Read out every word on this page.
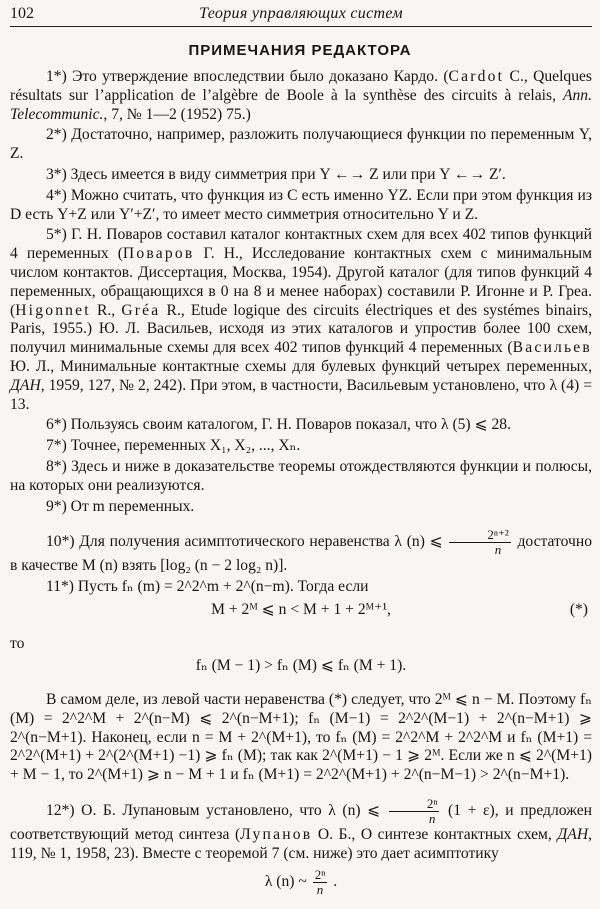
102	Теория управляющих систем
ПРИМЕЧАНИЯ РЕДАКТОРА

1*) Это утверждение впоследствии было доказано Кардо. (Cardot C., Quelques résultats sur l’application de l’algèbre de Boole à la synthèse des circuits à relais, Ann. Telecommunic., 7, № 1—2 (1952) 75.)

2*) Достаточно, например, разложить получающиеся функции по переменным Y, Z.

3*) Здесь имеется в виду симметрия при Y ←→ Z или при Y ←→ Z′.

4*) Можно считать, что функция из C есть именно YZ. Если при этом функция из D есть Y+Z или Y′+Z′, то имеет место симметрия относительно Y и Z.

5*) Г. Н. Поваров составил каталог контактных схем для всех 402 типов функций 4 переменных (Поваров Г. Н., Исследование контактных схем с минимальным числом контактов. Диссертация, Москва, 1954). Другой каталог (для типов функций 4 переменных, обращающихся в 0 на 8 и менее наборах) составили Р. Игонне и Р. Греа. (Higonnet R., Gréa R., Etude logique des circuits électriques et des systémes binairs, Paris, 1955.) Ю. Л. Васильев, исходя из этих каталогов и упростив более 100 схем, получил минимальные схемы для всех 402 типов функций 4 переменных (Васильев Ю. Л., Минимальные контактные схемы для булевых функций четырех переменных, ДАН, 1959, 127, № 2, 242). При этом, в частности, Васильевым установлено, что λ (4) = 13.

6*) Пользуясь своим каталогом, Г. Н. Поваров показал, что λ (5) ⩽ 28.

7*) Точнее, переменных X₁, X₂, ..., Xₙ.

8*) Здесь и ниже в доказательстве теоремы отождествляются функции и полюсы, на которых они реализуются.

9*) От m переменных.

10*) Для получения асимптотического неравенства λ (n) ⩽ $\frac{\text{2ⁿ⁺²}}{n}$ достаточно в качестве M (n) взять [log₂ (n − 2 log₂ n)].

11*) Пусть fₙ (m) = 2^2^m + 2^(n−m). Тогда если

M + 2ᴹ ⩽ n < M + 1 + 2ᴹ⁺¹,	(*)

то

fₙ (M − 1) > fₙ (M) ⩽ fₙ (M + 1).

В самом деле, из левой части неравенства (*) следует, что 2ᴹ ⩽ n − M. Поэтому fₙ (M) = 2^2^M + 2^(n−M) ⩽ 2^(n−M+1); fₙ (M−1) = 2^2^(M−1) + 2^(n−M+1) ⩾ 2^(n−M+1). Наконец, если n = M + 2^(M+1), то fₙ (M) = 2^2^M + 2^2^M и fₙ (M+1) = 2^2^(M+1) + 2^(2^(M+1) −1) ⩾ fₙ (M); так как 2^(M+1) − 1 ⩾ 2ᴹ. Если же n ⩽ 2^(M+1) + M − 1, то 2^(M+1) ⩾ n − M + 1 и fₙ (M+1) = 2^2^(M+1) + 2^(n−M−1) > 2^(n−M+1).

12*) О. Б. Лупановым установлено, что λ (n) ⩽ $\frac{\text{2ⁿ}}{n} (1 + \varepsilon)$, и предложен соответствующий метод синтеза (Лупанов О. Б., О синтезе контактных схем, ДАН, 119, № 1, 1958, 23). Вместе с теоремой 7 (см. ниже) это дает асимптотику

λ (n) ~ $\frac{\text{2ⁿ}}{n}$ .
